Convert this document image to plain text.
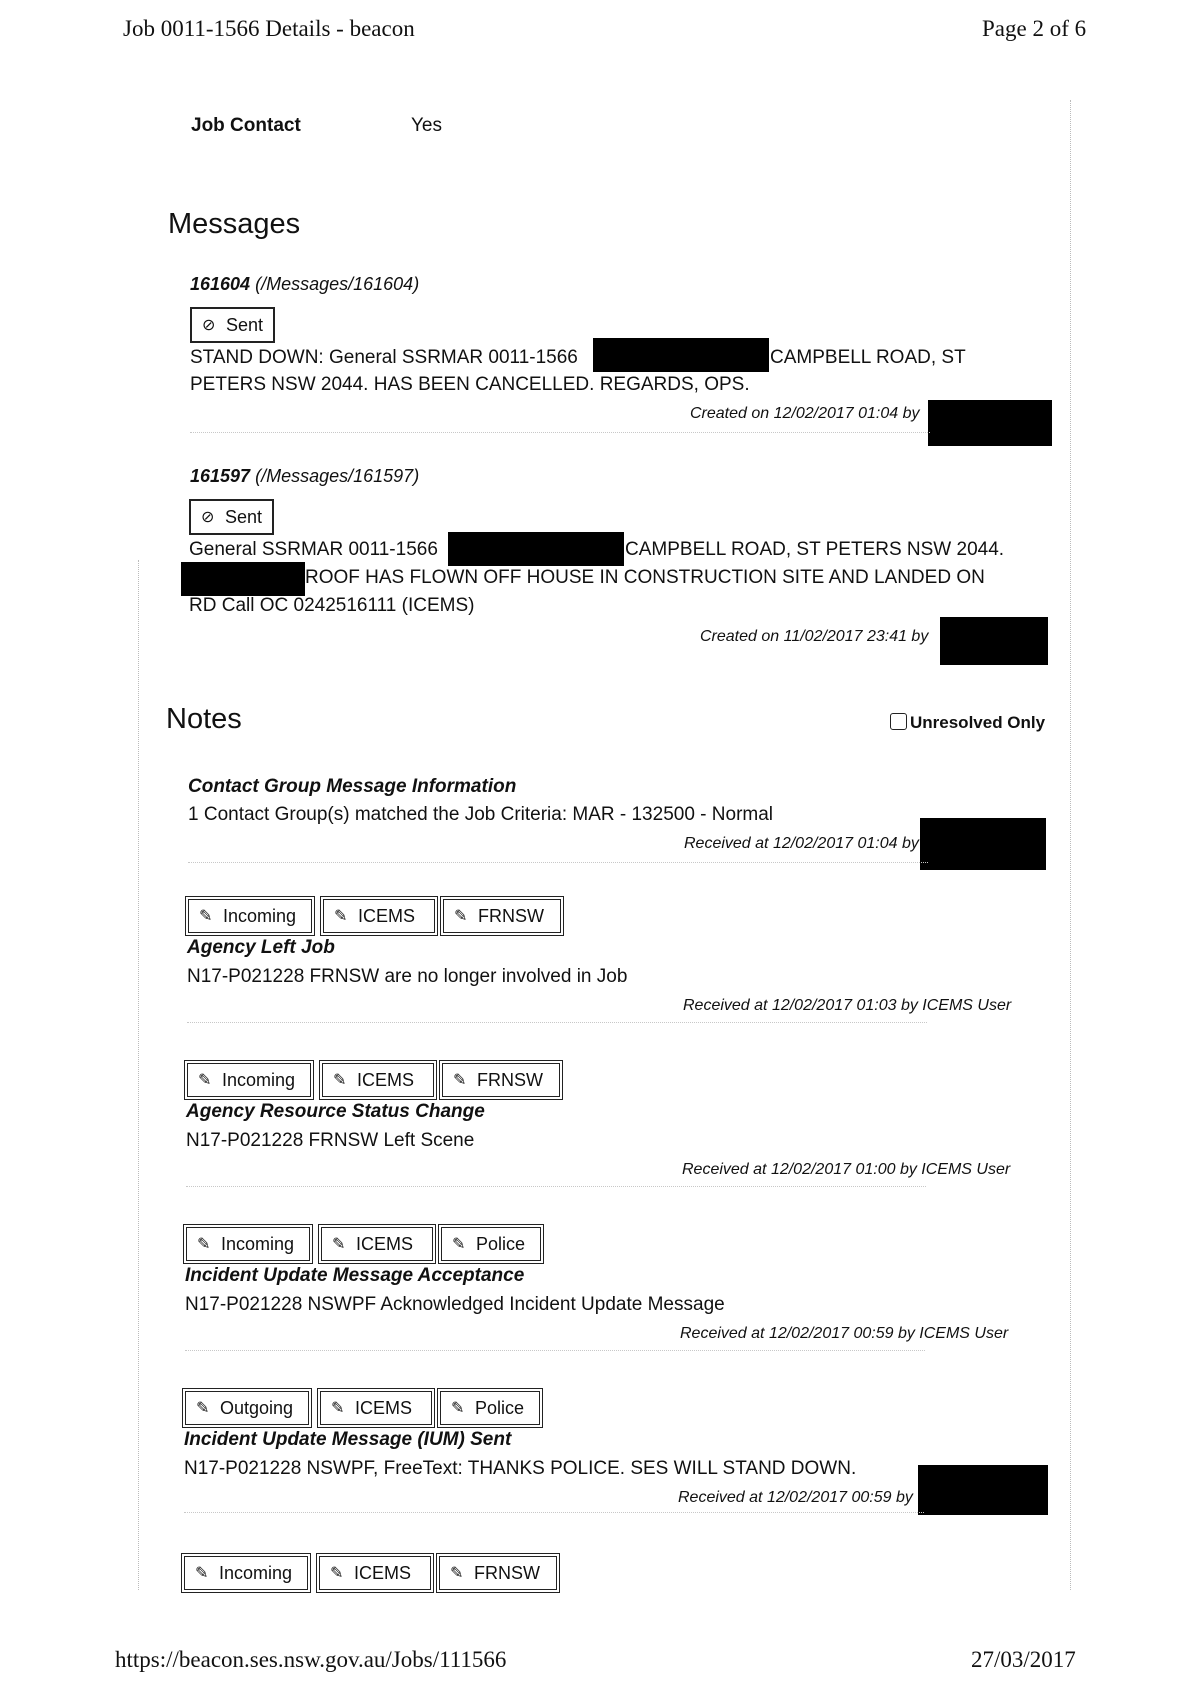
Job 0011-1566 Details - beacon	Page 2 of 6
https://beacon.ses.nsw.gov.au/Jobs/111566	27/03/2017
Job Contact	Yes
Messages
161604 (/Messages/161604)
⊘ Sent
STAND DOWN: General SSRMAR 0011-1566	CAMPBELL ROAD, ST
PETERS NSW 2044. HAS BEEN CANCELLED. REGARDS, OPS.
Created on 12/02/2017 01:04 by
161597 (/Messages/161597)
⊘ Sent
General SSRMAR 0011-1566	CAMPBELL ROAD, ST PETERS NSW 2044.
ROOF HAS FLOWN OFF HOUSE IN CONSTRUCTION SITE AND LANDED ON
RD Call OC 0242516111 (ICEMS)
Created on 11/02/2017 23:41 by
Notes	Unresolved Only
Contact Group Message Information
1 Contact Group(s) matched the Job Criteria: MAR - 132500 - Normal
Received at 12/02/2017 01:04 by
✎ Incoming ✎ ICEMS ✎ FRNSW
Agency Left Job
N17-P021228 FRNSW are no longer involved in Job
Received at 12/02/2017 01:03 by ICEMS User
✎ Incoming ✎ ICEMS ✎ FRNSW
Agency Resource Status Change
N17-P021228 FRNSW Left Scene
Received at 12/02/2017 01:00 by ICEMS User
✎ Incoming ✎ ICEMS ✎ Police
Incident Update Message Acceptance
N17-P021228 NSWPF Acknowledged Incident Update Message
Received at 12/02/2017 00:59 by ICEMS User
✎ Outgoing ✎ ICEMS ✎ Police
Incident Update Message (IUM) Sent
N17-P021228 NSWPF, FreeText: THANKS POLICE. SES WILL STAND DOWN.
Received at 12/02/2017 00:59 by
✎ Incoming ✎ ICEMS ✎ FRNSW
